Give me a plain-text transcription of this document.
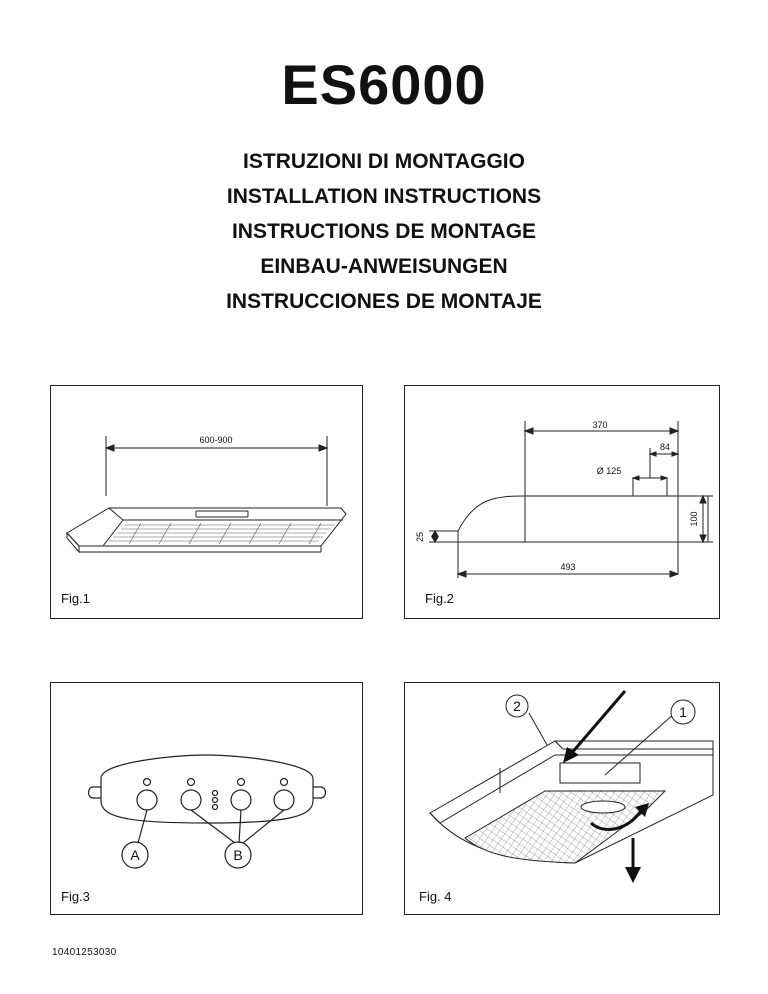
ES6000
ISTRUZIONI DI MONTAGGIO
INSTALLATION INSTRUCTIONS
INSTRUCTIONS DE MONTAGE
EINBAU-ANWEISUNGEN
INSTRUCCIONES DE MONTAJE
600-900
Fig.1
370
84
Ø 125
100
25
493
Fig.2
A	B
Fig.3
2	1
Fig. 4
10401253030
